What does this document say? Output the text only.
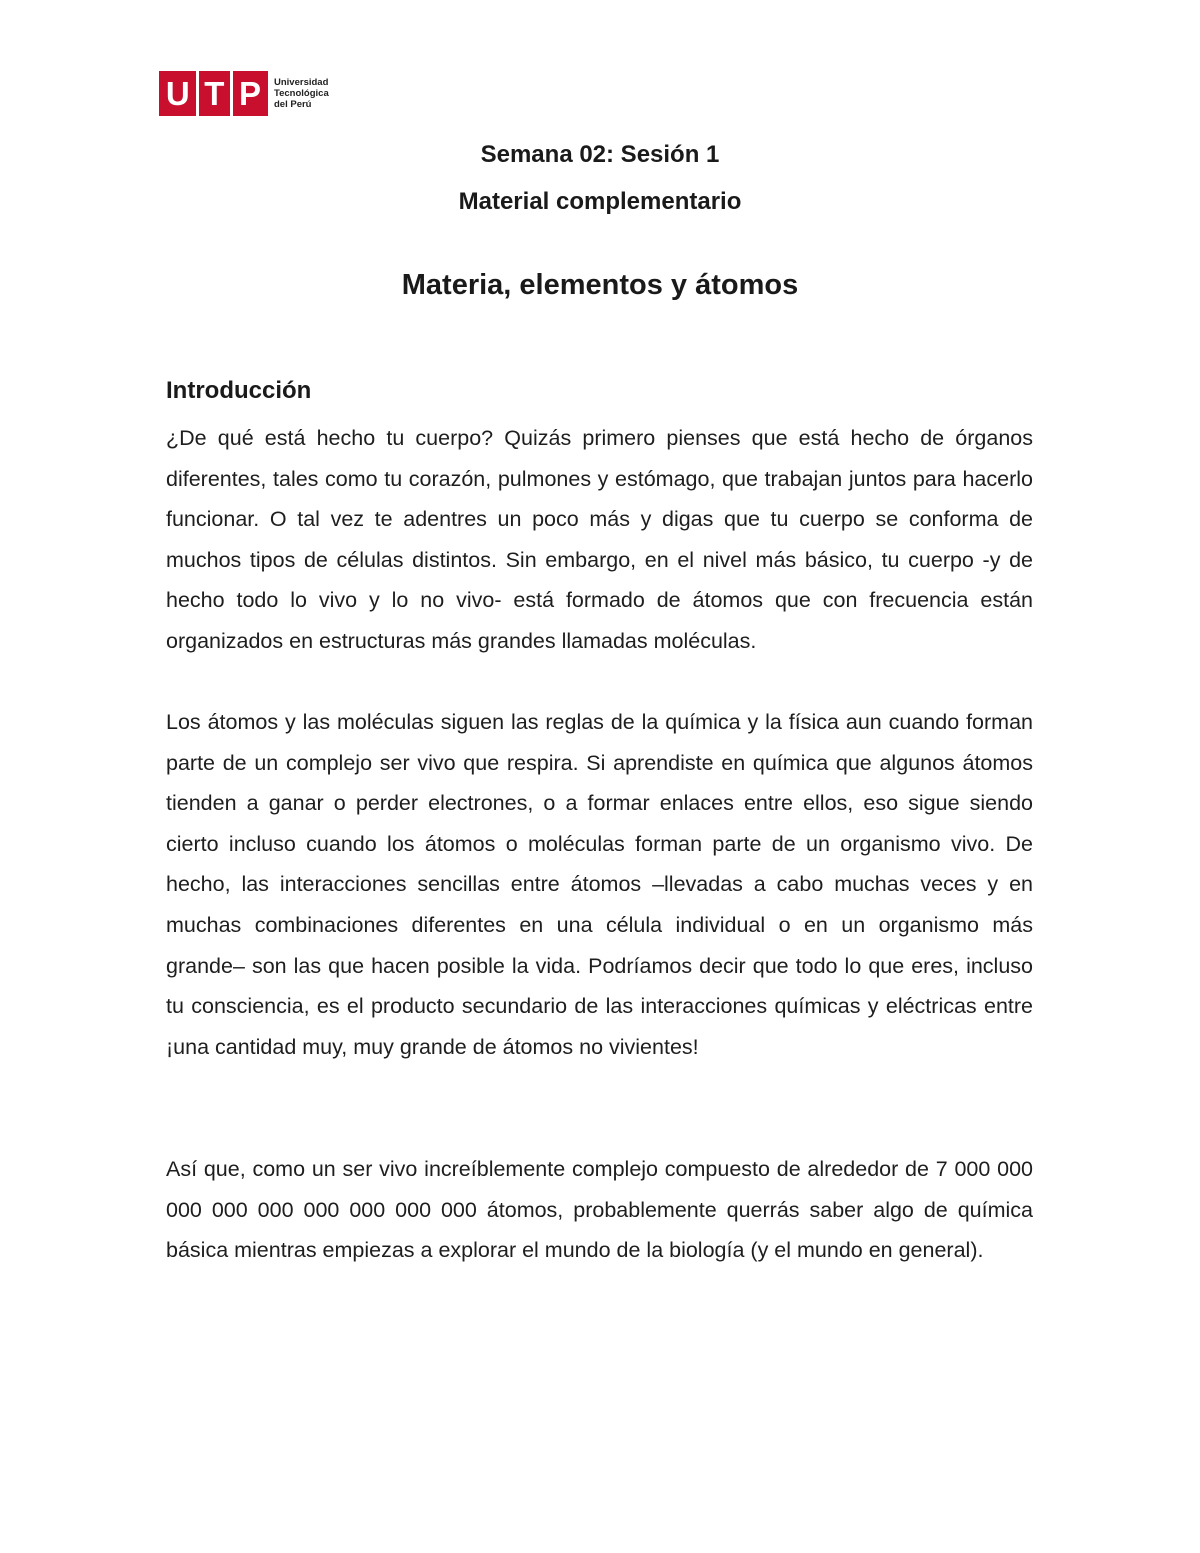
U T P Universidad
Tecnológica
del Perú
Semana 02: Sesión 1
Material complementario
Materia, elementos y átomos
Introducción

¿De qué está hecho tu cuerpo? Quizás primero pienses que está hecho de órganos diferentes, tales como tu corazón, pulmones y estómago, que trabajan juntos para hacerlo funcionar. O tal vez te adentres un poco más y digas que tu cuerpo se conforma de muchos tipos de células distintos. Sin embargo, en el nivel más básico, tu cuerpo -y de hecho todo lo vivo y lo no vivo- está formado de átomos que con frecuencia están organizados en estructuras más grandes llamadas moléculas.

Los átomos y las moléculas siguen las reglas de la química y la física aun cuando forman parte de un complejo ser vivo que respira. Si aprendiste en química que algunos átomos tienden a ganar o perder electrones, o a formar enlaces entre ellos, eso sigue siendo cierto incluso cuando los átomos o moléculas forman parte de un organismo vivo. De hecho, las interacciones sencillas entre átomos –llevadas a cabo muchas veces y en muchas combinaciones diferentes en una célula individual o en un organismo más grande– son las que hacen posible la vida. Podríamos decir que todo lo que eres, incluso tu consciencia, es el producto secundario de las interacciones químicas y eléctricas entre ¡una cantidad muy, muy grande de átomos no vivientes!

Así que, como un ser vivo increíblemente complejo compuesto de alrededor de 7 000 000 000 000 000 000 000 000 000 átomos, probablemente querrás saber algo de química básica mientras empiezas a explorar el mundo de la biología (y el mundo en general).
